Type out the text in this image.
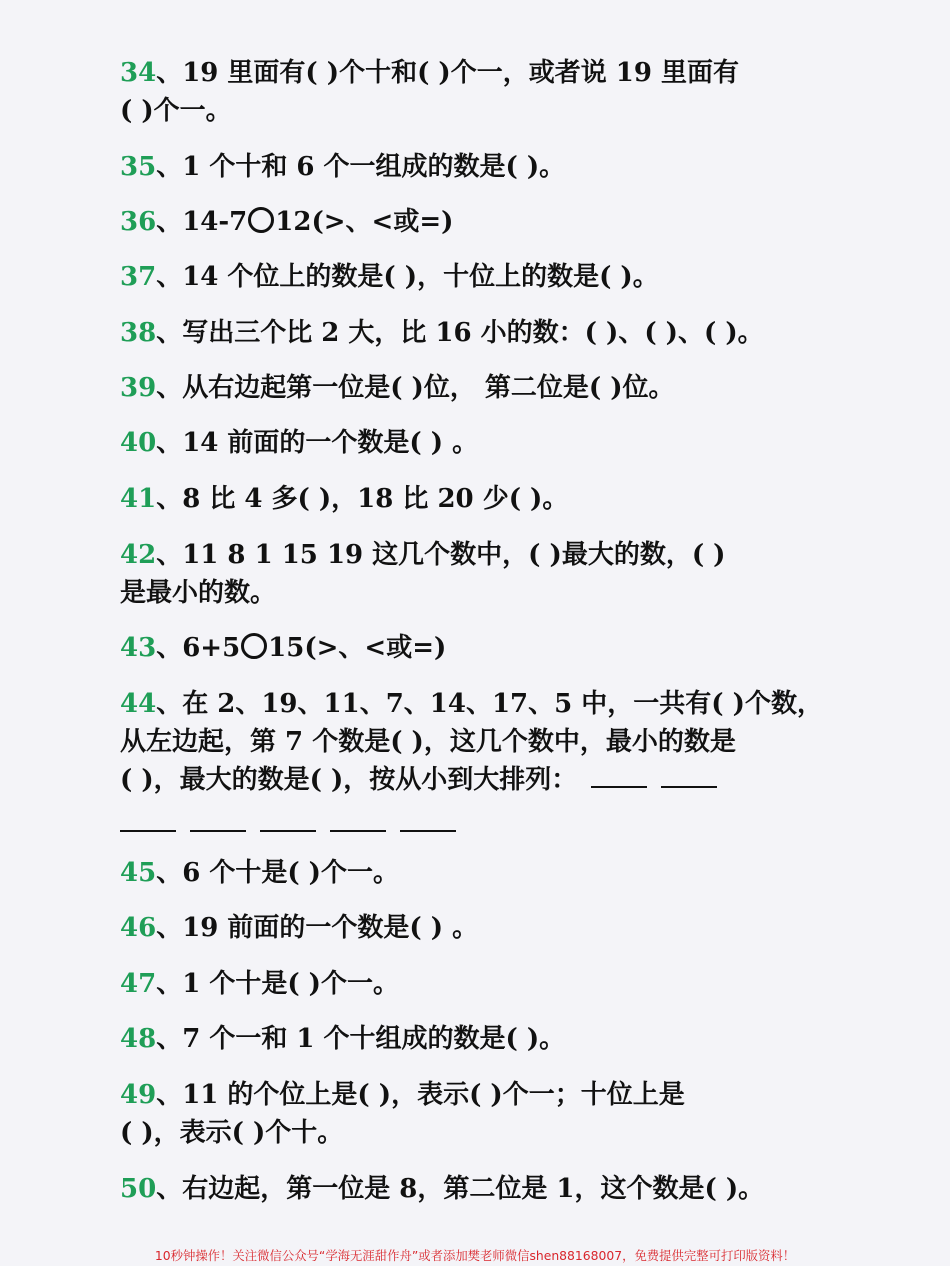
34、19 里面有( )个十和( )个一，或者说 19 里面有
( )个一。
35、1 个十和 6 个一组成的数是( )。
36、14-7 12(>、<或=)
37、14 个位上的数是( )，十位上的数是( )。
38、写出三个比 2 大，比 16 小的数：( )、( )、( )。
39、从右边起第一位是( )位， 第二位是( )位。
40、14 前面的一个数是( ) 。
41、8 比 4 多( )，18 比 20 少( )。
42、11 8 1 15 19 这几个数中，( )最大的数，( )
是最小的数。
43、6+5 15(>、<或=)
44、在 2、19、11、7、14、17、5 中，一共有( )个数，
从左边起，第 7 个数是( )，这几个数中，最小的数是
( )，最大的数是( )，按从小到大排列：
45、6 个十是( )个一。
46、19 前面的一个数是( ) 。
47、1 个十是( )个一。
48、7 个一和 1 个十组成的数是( )。
49、11 的个位上是( )，表示( )个一；十位上是
( )，表示( )个十。
50、右边起，第一位是 8，第二位是 1，这个数是( )。
10秒钟操作！关注微信公众号“学海无涯甜作舟”或者添加樊老师微信shen88168007，免费提供完整可打印版资料！
